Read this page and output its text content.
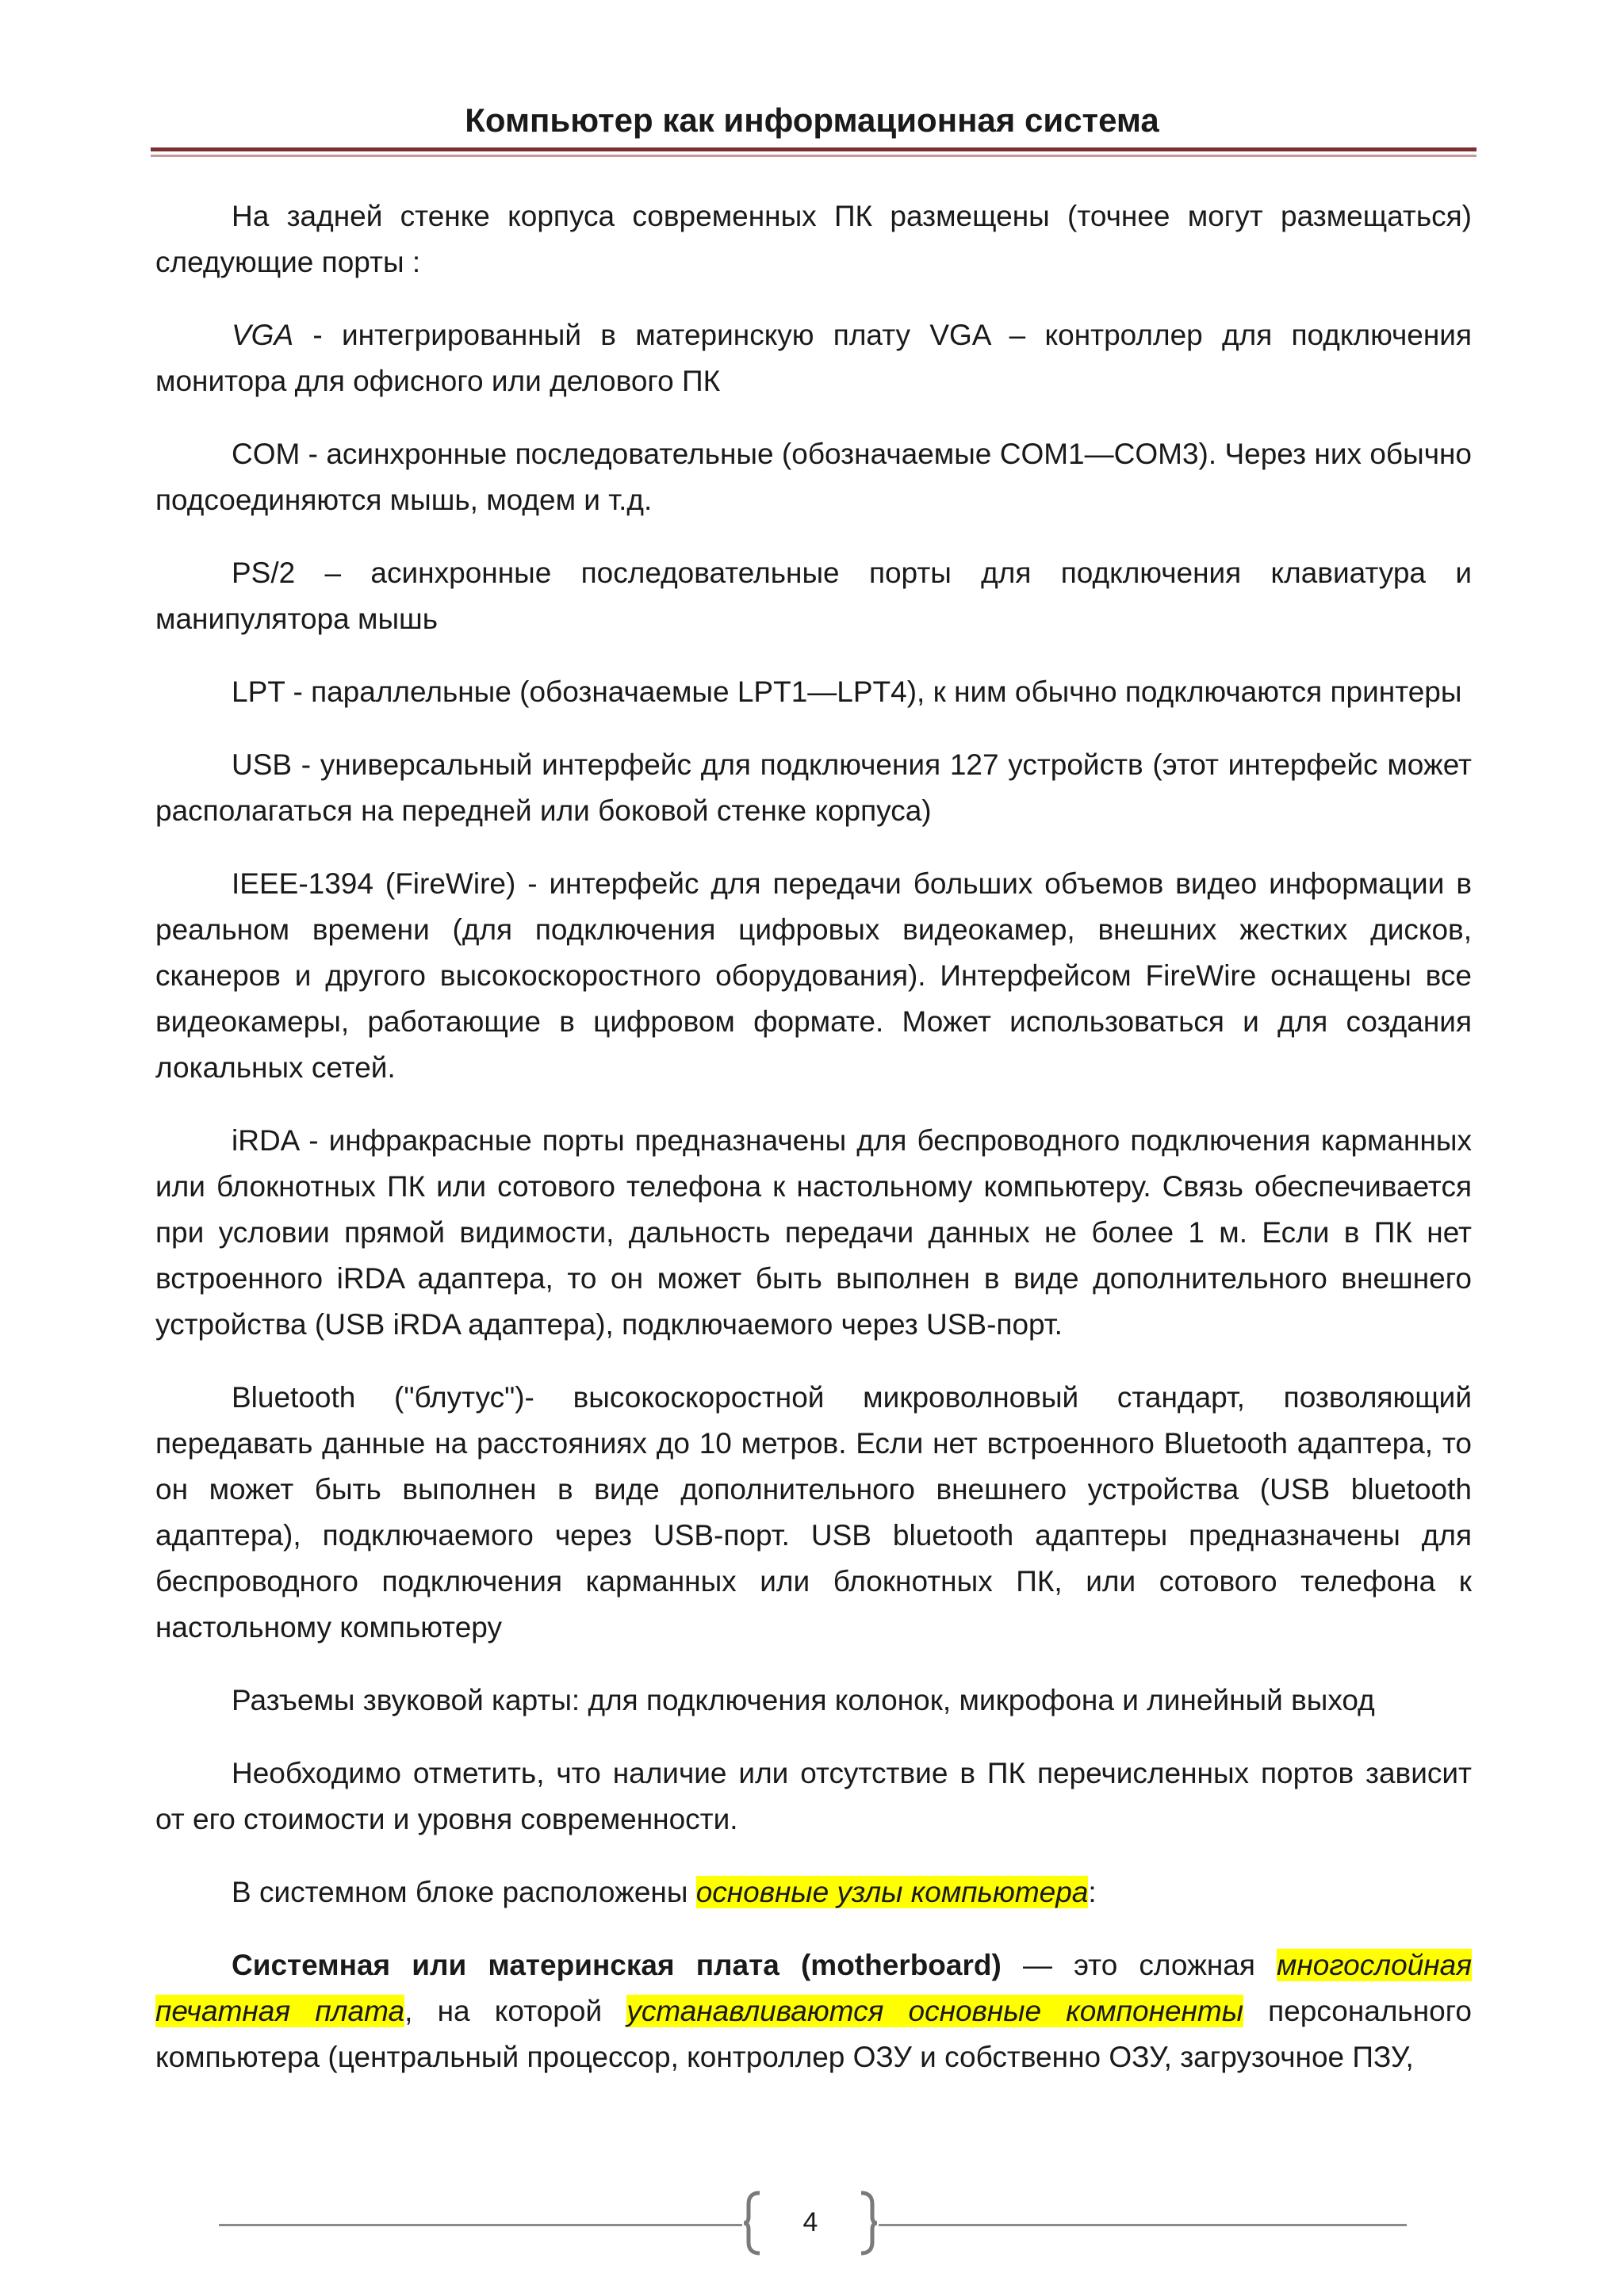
Компьютер как информационная система

На задней стенке корпуса современных ПК размещены (точнее могут размещаться) следующие порты :

VGA - интегрированный в материнскую плату VGA – контроллер для подключения монитора для офисного или делового ПК

COM - асинхронные последовательные (обозначаемые COM1—COM3). Через них обычно подсоединяются мышь, модем и т.д.

PS/2 – асинхронные последовательные порты для подключения клавиатура и манипулятора мышь

LPT - параллельные (обозначаемые LPT1—LPT4), к ним обычно подключаются принтеры

USB - универсальный интерфейс для подключения 127 устройств (этот интерфейс может располагаться на передней или боковой стенке корпуса)

IEEE-1394 (FireWire) - интерфейс для передачи больших объемов видео информации в реальном времени (для подключения цифровых видеокамер, внешних жестких дисков, сканеров и другого высокоскоростного оборудования). Интерфейсом FireWire оснащены все видеокамеры, работающие в цифровом формате. Может использоваться и для создания локальных сетей.

iRDA - инфракрасные порты предназначены для беспроводного подключения карманных или блокнотных ПК или сотового телефона к настольному компьютеру. Связь обеспечивается при условии прямой видимости, дальность передачи данных не более 1 м. Если в ПК нет встроенного iRDA адаптера, то он может быть выполнен в виде дополнительного внешнего устройства (USB iRDA адаптера), подключаемого через USB-порт.

Bluetooth ("блутус")- высокоскоростной микроволновый стандарт, позволяющий передавать данные на расстояниях до 10 метров. Если нет встроенного Bluetooth адаптера, то он может быть выполнен в виде дополнительного внешнего устройства (USB bluetooth адаптера), подключаемого через USB-порт. USB bluetooth адаптеры предназначены для беспроводного подключения карманных или блокнотных ПК, или сотового телефона к настольному компьютеру

Разъемы звуковой карты: для подключения колонок, микрофона и линейный выход

Необходимо отметить, что наличие или отсутствие в ПК перечисленных портов зависит от его стоимости и уровня современности.

В системном блоке расположены основные узлы компьютера:

Системная или материнская плата (motherboard) — это сложная многослойная печатная плата, на которой устанавливаются основные компоненты персонального компьютера (центральный процессор, контроллер ОЗУ и собственно ОЗУ, загрузочное ПЗУ,

4
